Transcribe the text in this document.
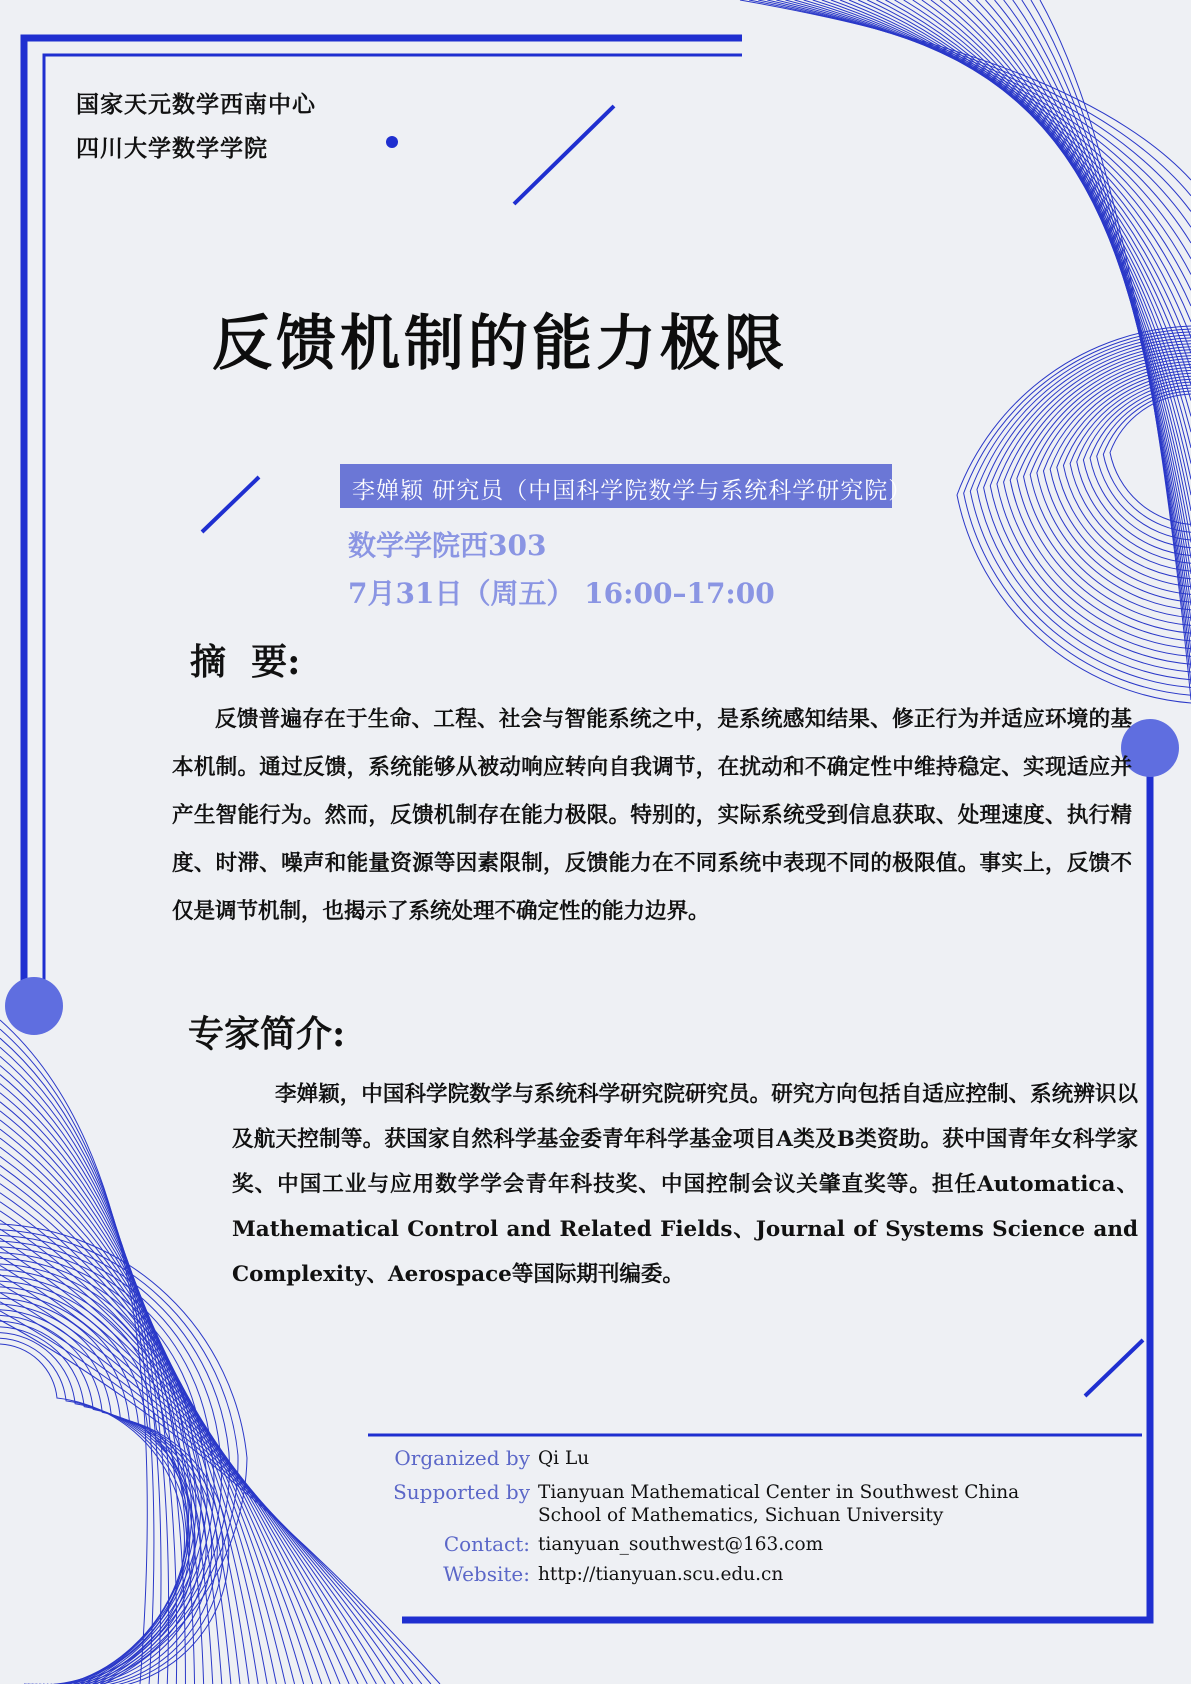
国家天元数学西南中心
四川大学数学学院
反馈机制的能力极限
李婵颖 研究员（中国科学院数学与系统科学研究院）
数学学院西303
7月31日（周五） 16:00–17:00
摘  要:
反馈普遍存在于生命、工程、社会与智能系统之中，是系统感知结果、修正行为并适应环境的基本机制。通过反馈，系统能够从被动响应转向自我调节，在扰动和不确定性中维持稳定、实现适应并产生智能行为。然而，反馈机制存在能力极限。特别的，实际系统受到信息获取、处理速度、执行精度、时滞、噪声和能量资源等因素限制，反馈能力在不同系统中表现不同的极限值。事实上，反馈不仅是调节机制，也揭示了系统处理不确定性的能力边界。
专家简介:
李婵颖，中国科学院数学与系统科学研究院研究员。研究方向包括自适应控制、系统辨识以及航天控制等。获国家自然科学基金委青年科学基金项目A类及B类资助。获中国青年女科学家奖、中国工业与应用数学学会青年科技奖、中国控制会议关肇直奖等。担任Automatica、Mathematical Control and Related Fields、Journal of Systems Science and Complexity、Aerospace等国际期刊编委。
Organized by Qi Lu
Supported by Tianyuan Mathematical Center in Southwest China
School of Mathematics, Sichuan University
Contact: tianyuan_southwest@163.com
Website: http://tianyuan.scu.edu.cn
